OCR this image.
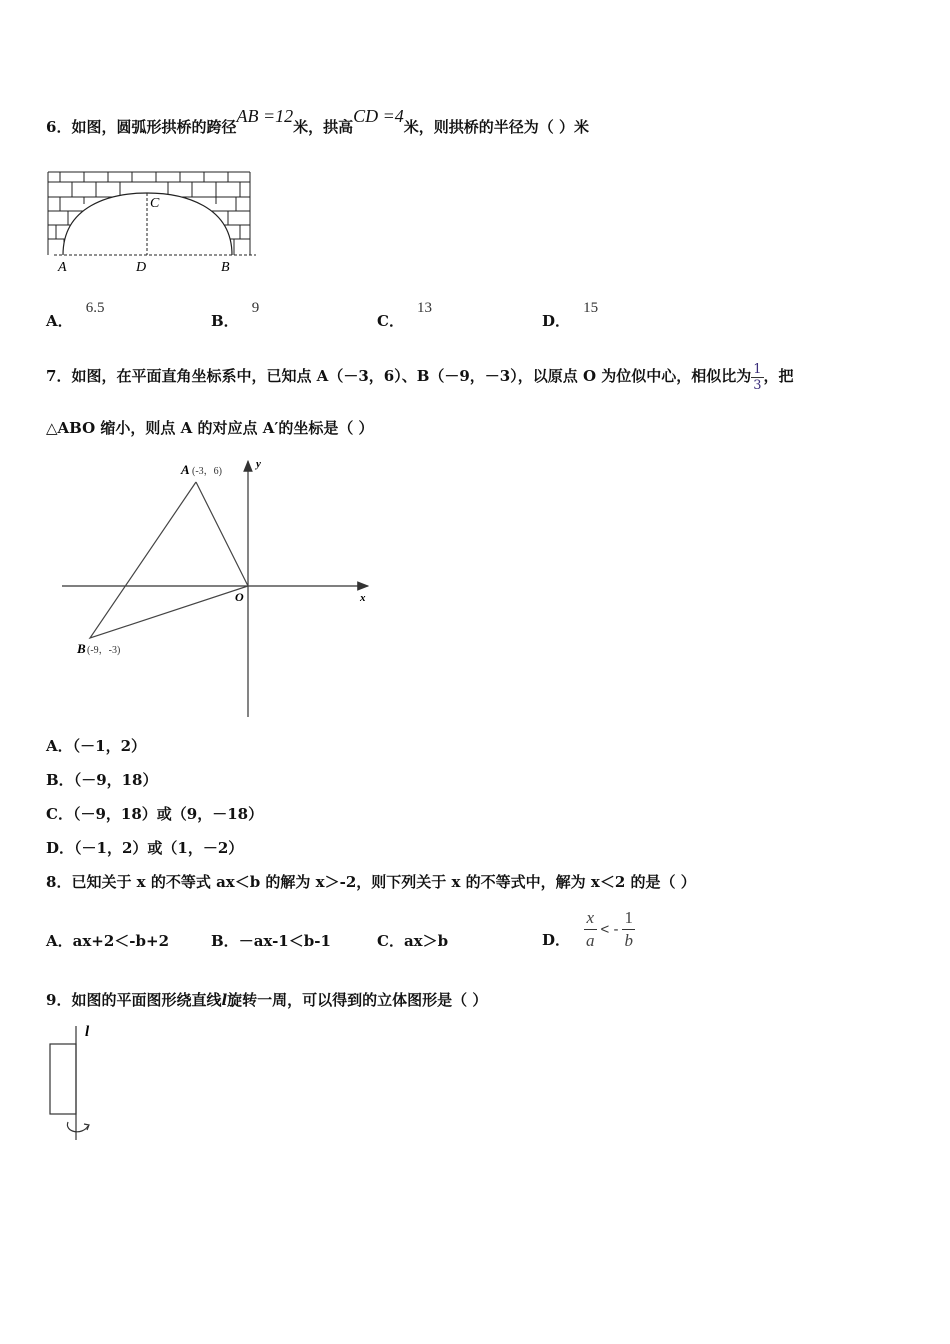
6．如图，圆弧形拱桥的跨径AB =12米，拱高CD =4米，则拱桥的半径为（ ）米
A	D	B
C
A． 6.5
B． 9
C． 13
D． 15
7．如图，在平面直角坐标系中，已知点 A（－3，6）、B（－9，－3），以原点 O 为位似中心，相似比为 $\frac{1}{3}$ ，把
△ABO 缩小，则点 A 的对应点 A′的坐标是（ ）
x
y
O
A (-3，6)
B (-9，-3)
A．（－1，2）
B．（－9，18）
C．（－9，18）或（9，－18）
D．（－1，2）或（1，－2）
8．已知关于 x 的不等式 ax＜b 的解为 x＞-2，则下列关于 x 的不等式中，解为 x＜2 的是（ ）
A．ax+2＜-b+2	B．－ax-1＜b-1	C．ax＞b	D． $\frac{x}{a}$ < - $\frac{1}{b}$
9．如图的平面图形绕直线l旋转一周，可以得到的立体图形是（ ）
l
